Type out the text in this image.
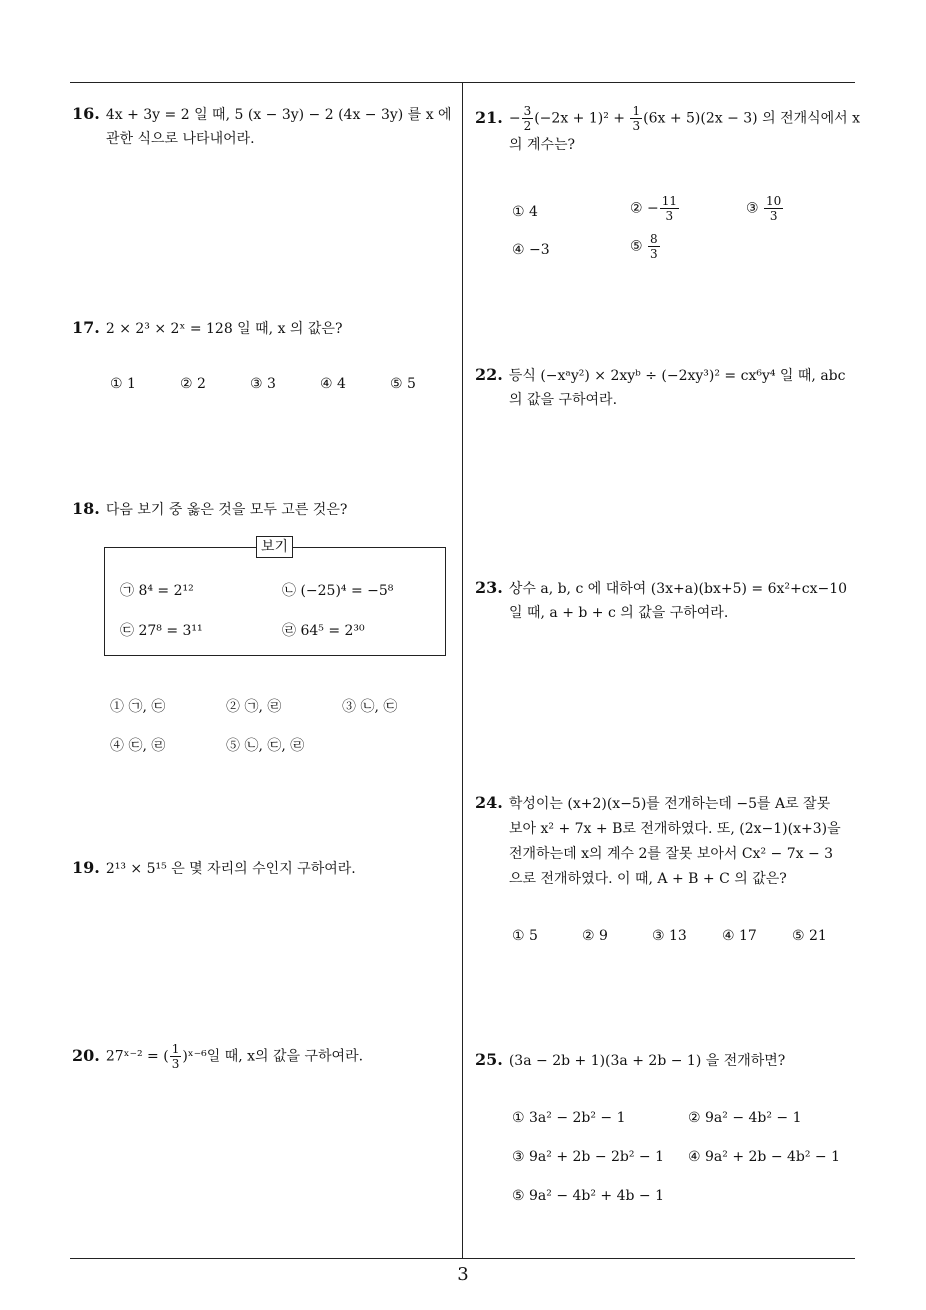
16. 4x + 3y = 2 일 때, 5 (x − 3y) − 2 (4x − 3y) 를 x 에
관한 식으로 나타내어라.
17. 2 × 2³ × 2ˣ = 128 일 때, x 의 값은?
① 1	② 2	③ 3	④ 4	⑤ 5
18. 다음 보기 중 옳은 것을 모두 고른 것은?
보기
㉠ 8⁴ = 2¹²	㉡ (−25)⁴ = −5⁸
㉢ 27⁸ = 3¹¹	㉣ 64⁵ = 2³⁰
① ㉠, ㉢	② ㉠, ㉣	③ ㉡, ㉢
④ ㉢, ㉣	⑤ ㉡, ㉢, ㉣
19. 2¹³ × 5¹⁵ 은 몇 자리의 수인지 구하여라.
20. 27ˣ⁻² = ( $\frac{1}{3}$ )ˣ⁻⁶일 때, x의 값을 구하여라.
21. − $\frac{3}{2} (-2x + 1)^2 + \frac{1}{3} (6x + 5)(2x - 3)$ 의 전개식에서 x
의 계수는?
① 4	② − $\frac{11}{3}$	③ $\frac{10}{3}$
④ −3	⑤ $\frac{8}{3}$
22. 등식 (−xᵃy²) × 2xyᵇ ÷ (−2xy³)² = cx⁶y⁴ 일 때, abc
의 값을 구하여라.
23. 상수 a, b, c 에 대하여 (3x+a)(bx+5) = 6x²+cx−10
일 때, a + b + c 의 값을 구하여라.
24. 학성이는 (x+2)(x−5)를 전개하는데 −5를 A로 잘못
보아 x² + 7x + B로 전개하였다. 또, (2x−1)(x+3)을
전개하는데 x의 계수 2를 잘못 보아서 Cx² − 7x − 3
으로 전개하였다. 이 때, A + B + C 의 값은?
① 5	② 9	③ 13	④ 17	⑤ 21
25. (3a − 2b + 1)(3a + 2b − 1) 을 전개하면?
① 3a² − 2b² − 1	② 9a² − 4b² − 1
③ 9a² + 2b − 2b² − 1 ④ 9a² + 2b − 4b² − 1
⑤ 9a² − 4b² + 4b − 1
3
